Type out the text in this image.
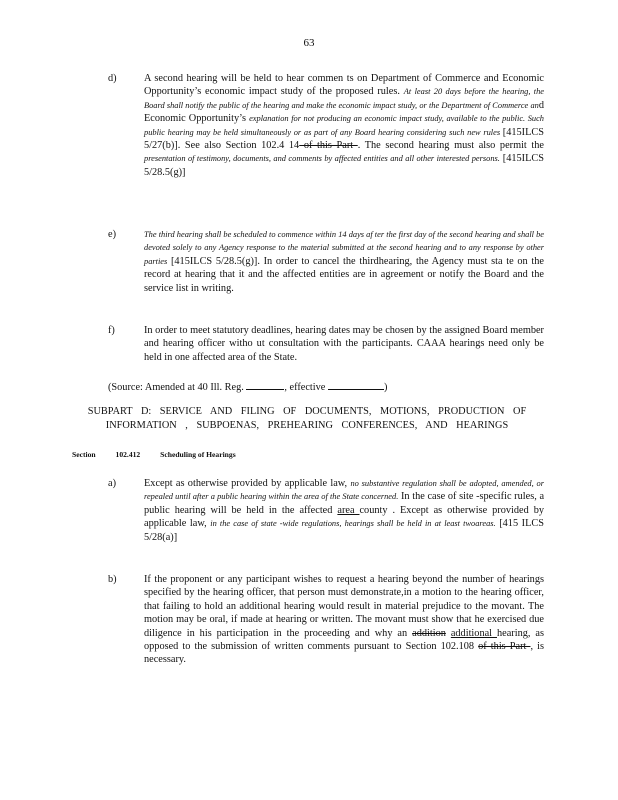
63
d)	A second hearing will be held to hear commen ts on Department of Commerce and Economic Opportunity’s economic impact study of the proposed rules. At least 20 days before the hearing, the Board shall notify the public of the hearing and make the economic impact study, or the Department of Commerce and Economic Opportunity’s explanation for not producing an economic impact study, available to the public. Such public hearing may be held simultaneously or as part of any Board hearing considering such new rules [415ILCS 5/27(b)]. See also Section 102.4 14 of this Part . The second hearing must also permit the presentation of testimony, documents, and comments by affected entities and all other interested persons. [415ILCS 5/28.5(g)]
e)	The third hearing shall be scheduled to commence within 14 days af ter the first day of the second hearing and shall be devoted solely to any Agency response to the material submitted at the second hearing and to any response by other parties [415ILCS 5/28.5(g)]. In order to cancel the thirdhearing, the Agency must sta te on the record at hearing that it and the affected entities are in agreement or notify the Board and the service list in writing.
f)	In order to meet statutory deadlines, hearing dates may be chosen by the assigned Board member and hearing officer witho ut consultation with the participants. CAAA hearings need only be held in one affected area of the State.
(Source: Amended at 40 Ill. Reg.	, effective	)
SUBPART D: SERVICE AND FILING OF DOCUMENTS, MOTIONS, PRODUCTION OF INFORMATION , SUBPOENAS, PREHEARING CONFERENCES, AND HEARINGS
Section	102.412	Scheduling of Hearings
a)	Except as otherwise provided by applicable law, no substantive regulation shall be adopted, amended, or repealed until after a public hearing within the area of the State concerned. In the case of site -specific rules, a public hearing will be held in the affected area county . Except as otherwise provided by applicable law, in the case of state -wide regulations, hearings shall be held in at least twoareas. [415 ILCS 5/28(a)]
b)	If the proponent or any participant wishes to request a hearing beyond the number of hearings specified by the hearing officer, that person must demonstrate,in a motion to the hearing officer, that failing to hold an additional hearing would result in material prejudice to the movant. The motion may be oral, if made at hearing or written. The movant must show that he exercised due diligence in his participation in the proceeding and why an addition additional hearing, as opposed to the submission of written comments pursuant to Section 102.108 of this Part , is necessary.
